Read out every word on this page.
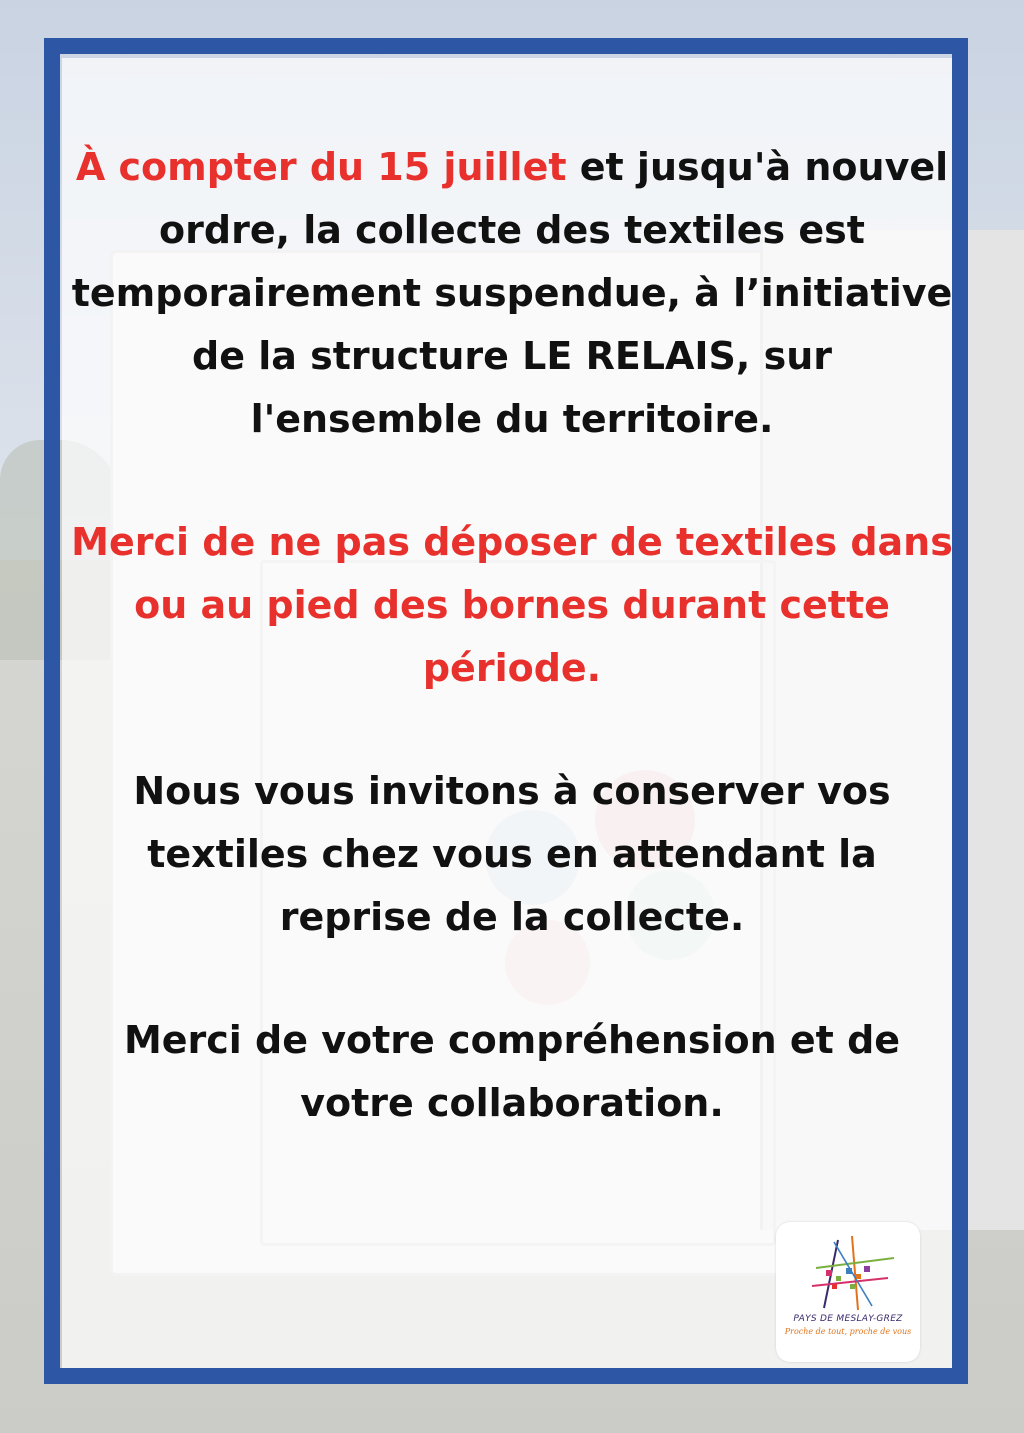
À compter du 15 juillet et jusqu'à nouvel ordre, la collecte des textiles est temporairement suspendue, à l’initiative de la structure LE RELAIS, sur l'ensemble du territoire.

Merci de ne pas déposer de textiles dans ou au pied des bornes durant cette période.

Nous vous invitons à conserver vos textiles chez vous en attendant la reprise de la collecte.

Merci de votre compréhension et de votre collaboration.

PAYS DE MESLAY-GREZ
Proche de tout, proche de vous
